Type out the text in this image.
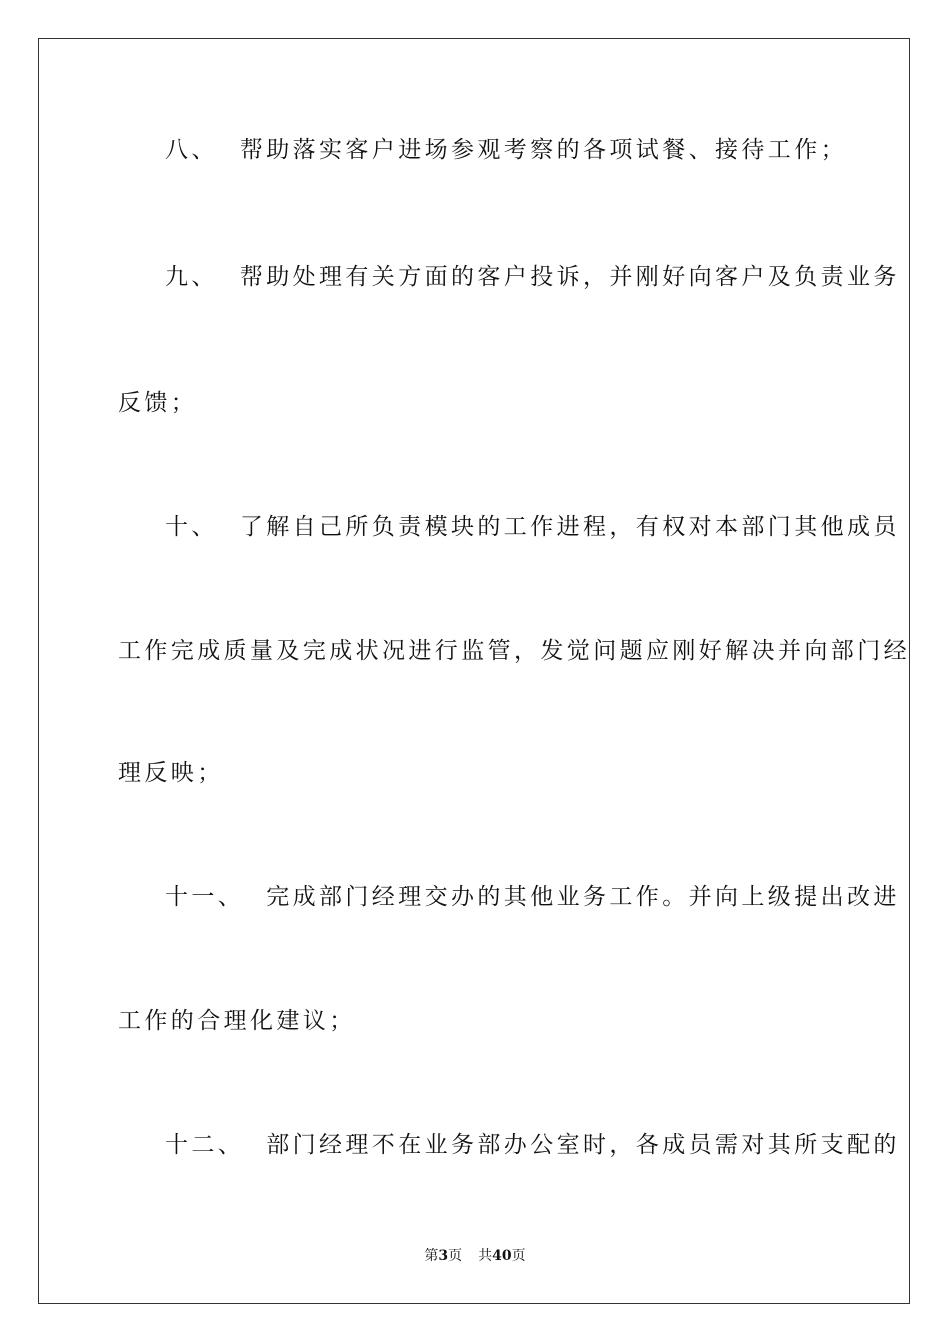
八、 帮助落实客户进场参观考察的各项试餐、接待工作；
九、 帮助处理有关方面的客户投诉，并刚好向客户及负责业务
反馈；
十、 了解自己所负责模块的工作进程，有权对本部门其他成员
工作完成质量及完成状况进行监管，发觉问题应刚好解决并向部门经
理反映；
十一、 完成部门经理交办的其他业务工作。并向上级提出改进
工作的合理化建议；
十二、 部门经理不在业务部办公室时，各成员需对其所支配的
第3页 共40页
